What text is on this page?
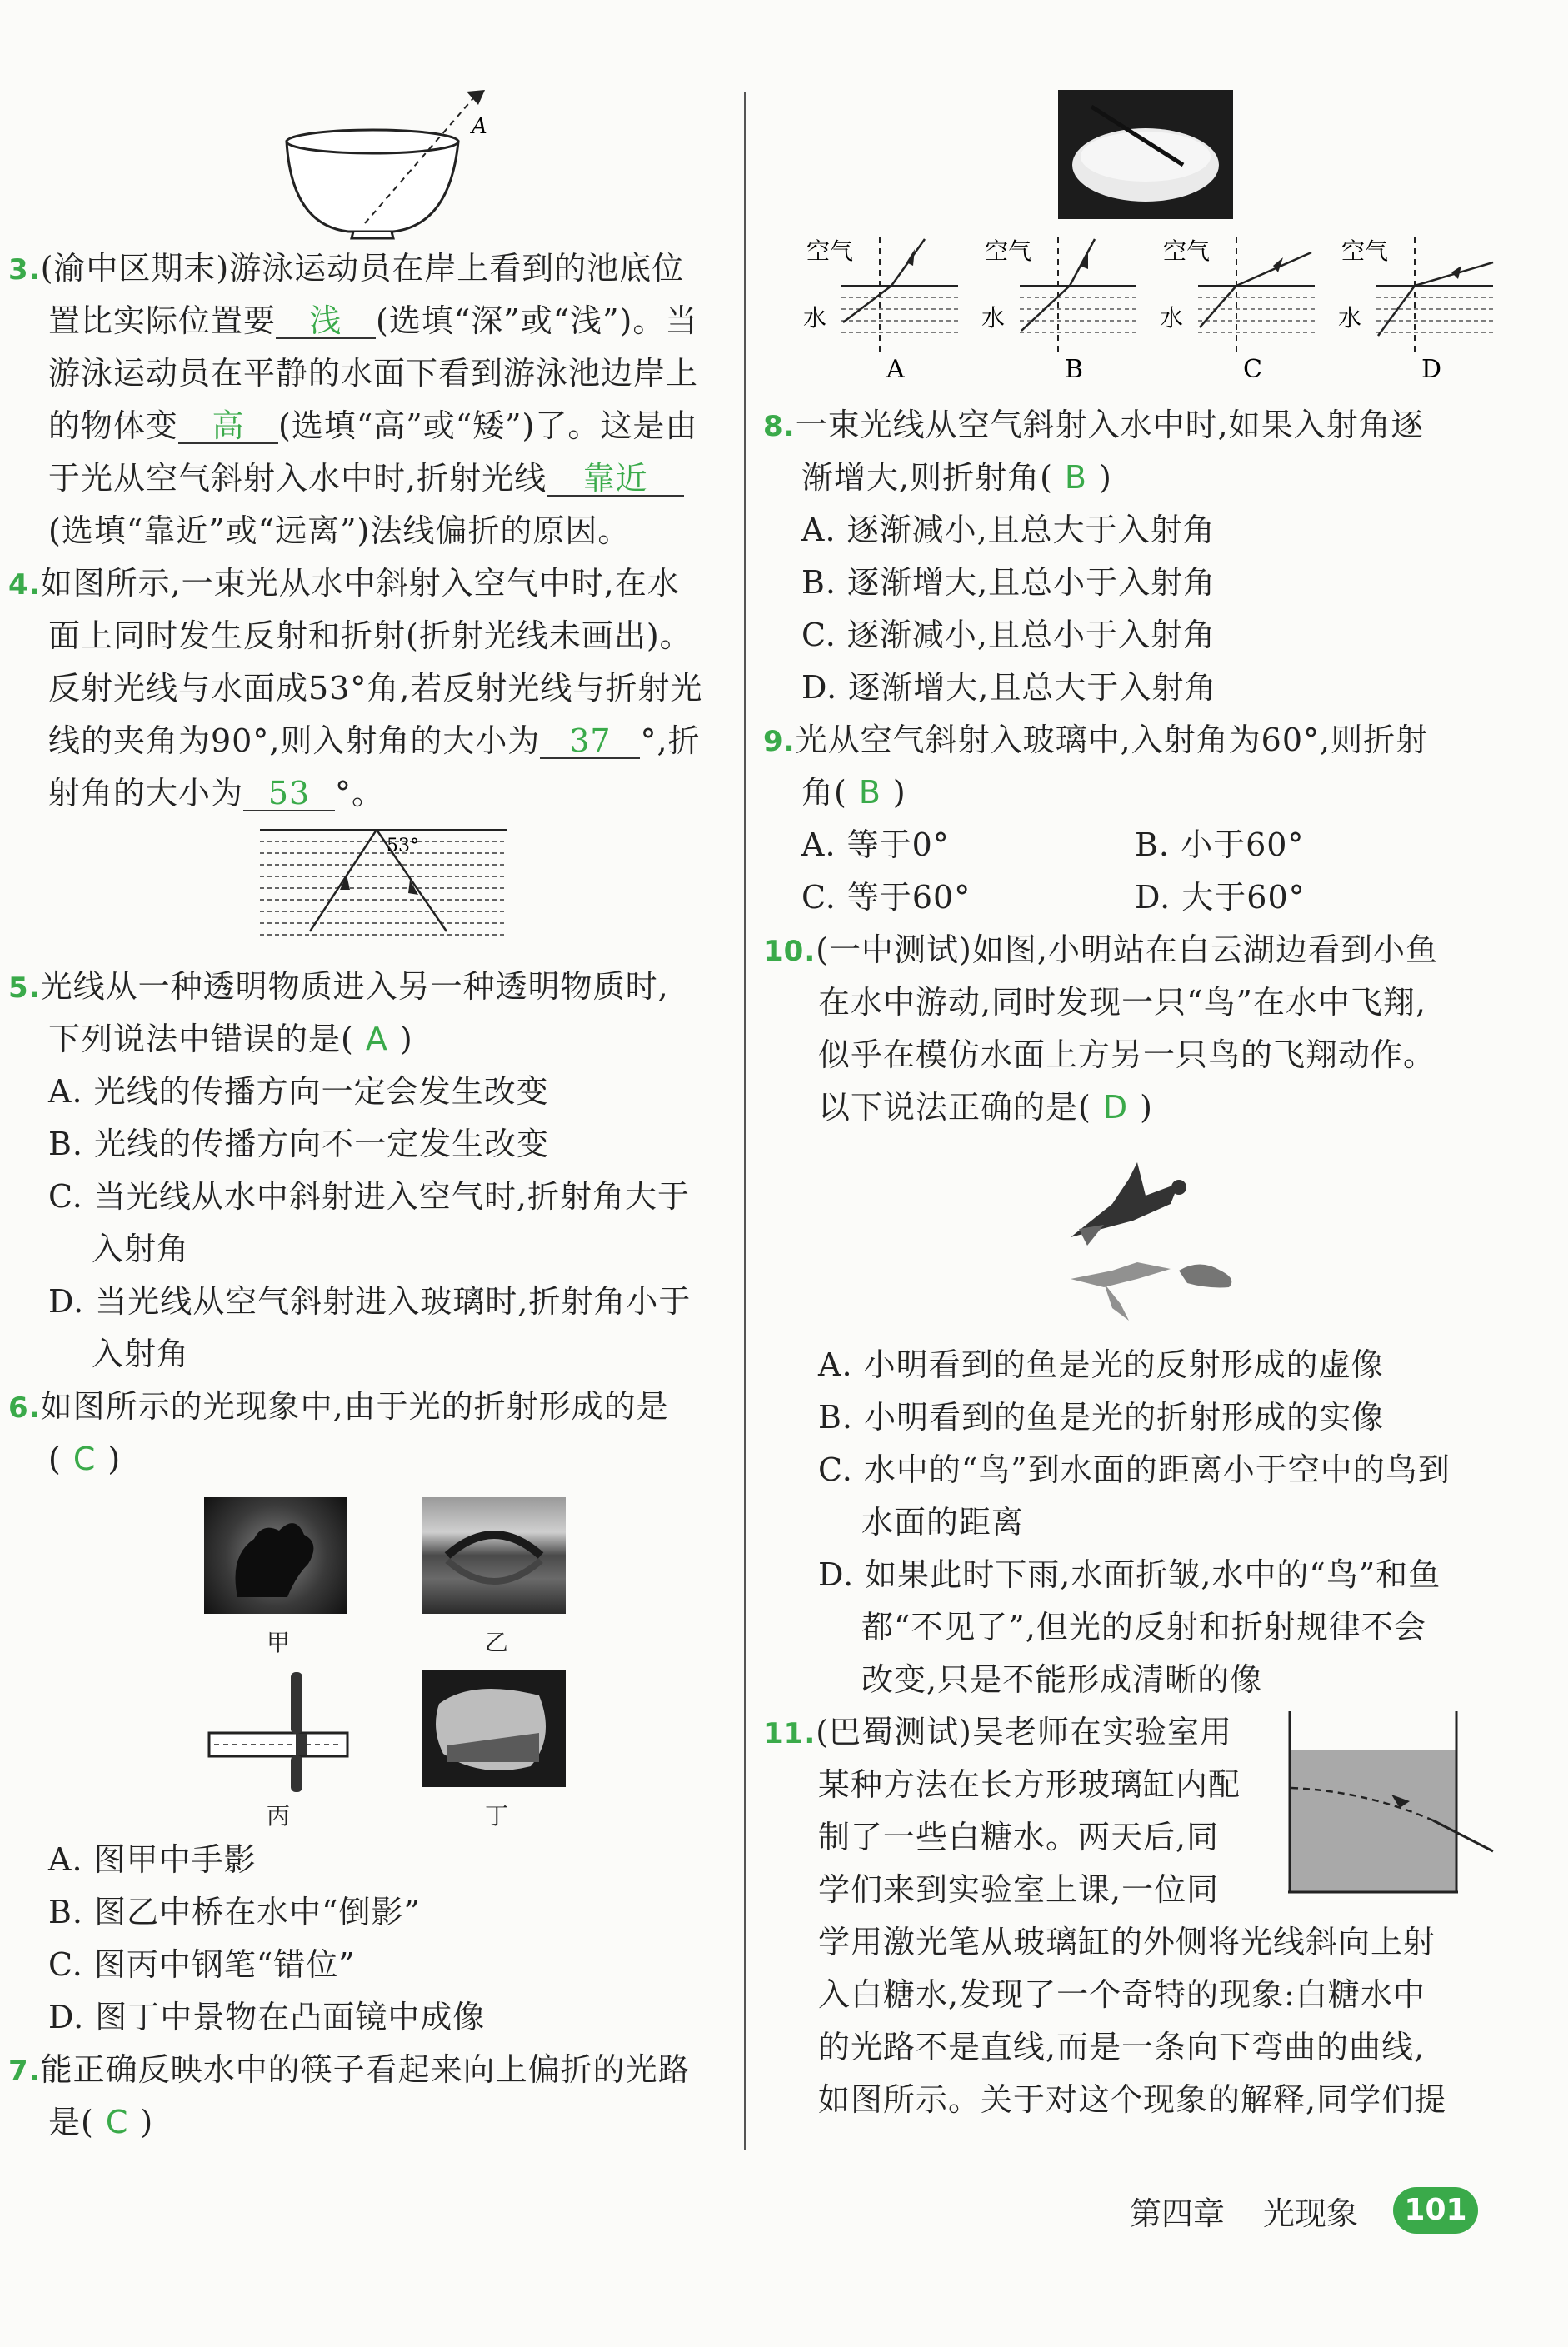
A
3.(渝中区期末)游泳运动员在岸上看到的池底位
置比实际位置要 浅 (选填“深”或“浅”)。当
游泳运动员在平静的水面下看到游泳池边岸上
的物体变 高 (选填“高”或“矮”)了。这是由
于光从空气斜射入水中时,折射光线 靠近
(选填“靠近”或“远离”)法线偏折的原因。
4.如图所示,一束光从水中斜射入空气中时,在水
面上同时发生反射和折射(折射光线未画出)。
反射光线与水面成53°角,若反射光线与折射光
线的夹角为90°,则入射角的大小为 37 °,折
射角的大小为 53 °。
53°
5.光线从一种透明物质进入另一种透明物质时,
下列说法中错误的是( A )
A. 光线的传播方向一定会发生改变
B. 光线的传播方向不一定发生改变
C. 当光线从水中斜射进入空气时,折射角大于
入射角
D. 当光线从空气斜射进入玻璃时,折射角小于
入射角
6.如图所示的光现象中,由于光的折射形成的是
( C )
甲	乙
丙	丁
A. 图甲中手影
B. 图乙中桥在水中“倒影”
C. 图丙中钢笔“错位”
D. 图丁中景物在凸面镜中成像
7.能正确反映水中的筷子看起来向上偏折的光路
是( C )
空气
水
A
空气
水
B
空气
水
C
空气
水
D
8.一束光线从空气斜射入水中时,如果入射角逐
渐增大,则折射角( B )
A. 逐渐减小,且总大于入射角
B. 逐渐增大,且总小于入射角
C. 逐渐减小,且总小于入射角
D. 逐渐增大,且总大于入射角
9.光从空气斜射入玻璃中,入射角为60°,则折射
角( B )
A. 等于0°	B. 小于60°
C. 等于60°	D. 大于60°
10.(一中测试)如图,小明站在白云湖边看到小鱼
在水中游动,同时发现一只“鸟”在水中飞翔,
似乎在模仿水面上方另一只鸟的飞翔动作。
以下说法正确的是( D )
A. 小明看到的鱼是光的反射形成的虚像
B. 小明看到的鱼是光的折射形成的实像
C. 水中的“鸟”到水面的距离小于空中的鸟到
水面的距离
D. 如果此时下雨,水面折皱,水中的“鸟”和鱼
都“不见了”,但光的反射和折射规律不会
改变,只是不能形成清晰的像
11.(巴蜀测试)吴老师在实验室用
某种方法在长方形玻璃缸内配
制了一些白糖水。两天后,同
学们来到实验室上课,一位同
学用激光笔从玻璃缸的外侧将光线斜向上射
入白糖水,发现了一个奇特的现象:白糖水中
的光路不是直线,而是一条向下弯曲的曲线,
如图所示。关于对这个现象的解释,同学们提
第四章 光现象	101
